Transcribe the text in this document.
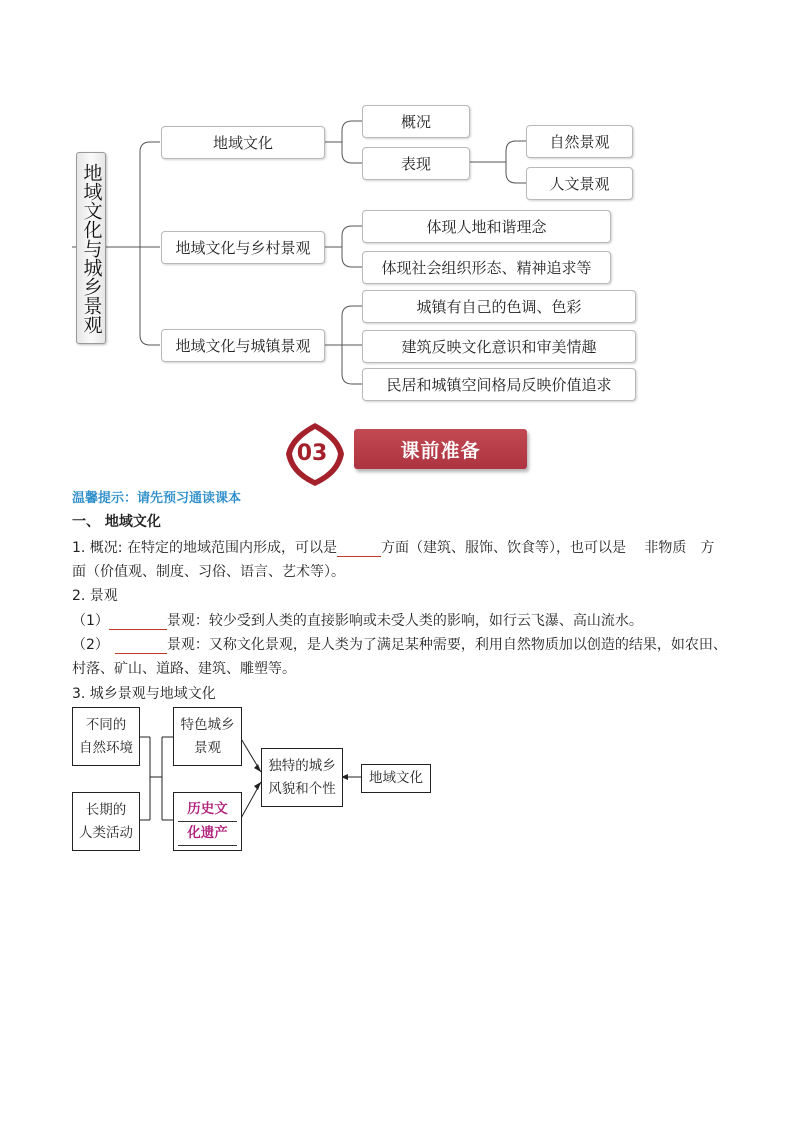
地域文化与城乡景观
地域文化
概况
表现
自然景观
人文景观
地域文化与乡村景观
体现人地和谐理念
体现社会组织形态、精神追求等
地域文化与城镇景观
城镇有自己的色调、色彩
建筑反映文化意识和审美情趣
民居和城镇空间格局反映价值追求
03	课前准备
温馨提示：请先预习通读课本
一、 地域文化
1. 概况: 在特定的地域范围内形成，可以是	方面（建筑、服饰、饮食等），也可以是 　非物质　方
面（价值观、制度、习俗、语言、艺术等）。
2. 景观
（1）	景观：较少受到人类的直接影响或未受人类的影响，如行云飞瀑、高山流水。
（2）	景观：又称文化景观，是人类为了满足某种需要，利用自然物质加以创造的结果，如农田、
村落、矿山、道路、建筑、雕塑等。
3. 城乡景观与地域文化
不同的
自然环境
长期的
人类活动
特色城乡
景观
历史文
化遗产
独特的城乡
风貌和个性
地域文化
